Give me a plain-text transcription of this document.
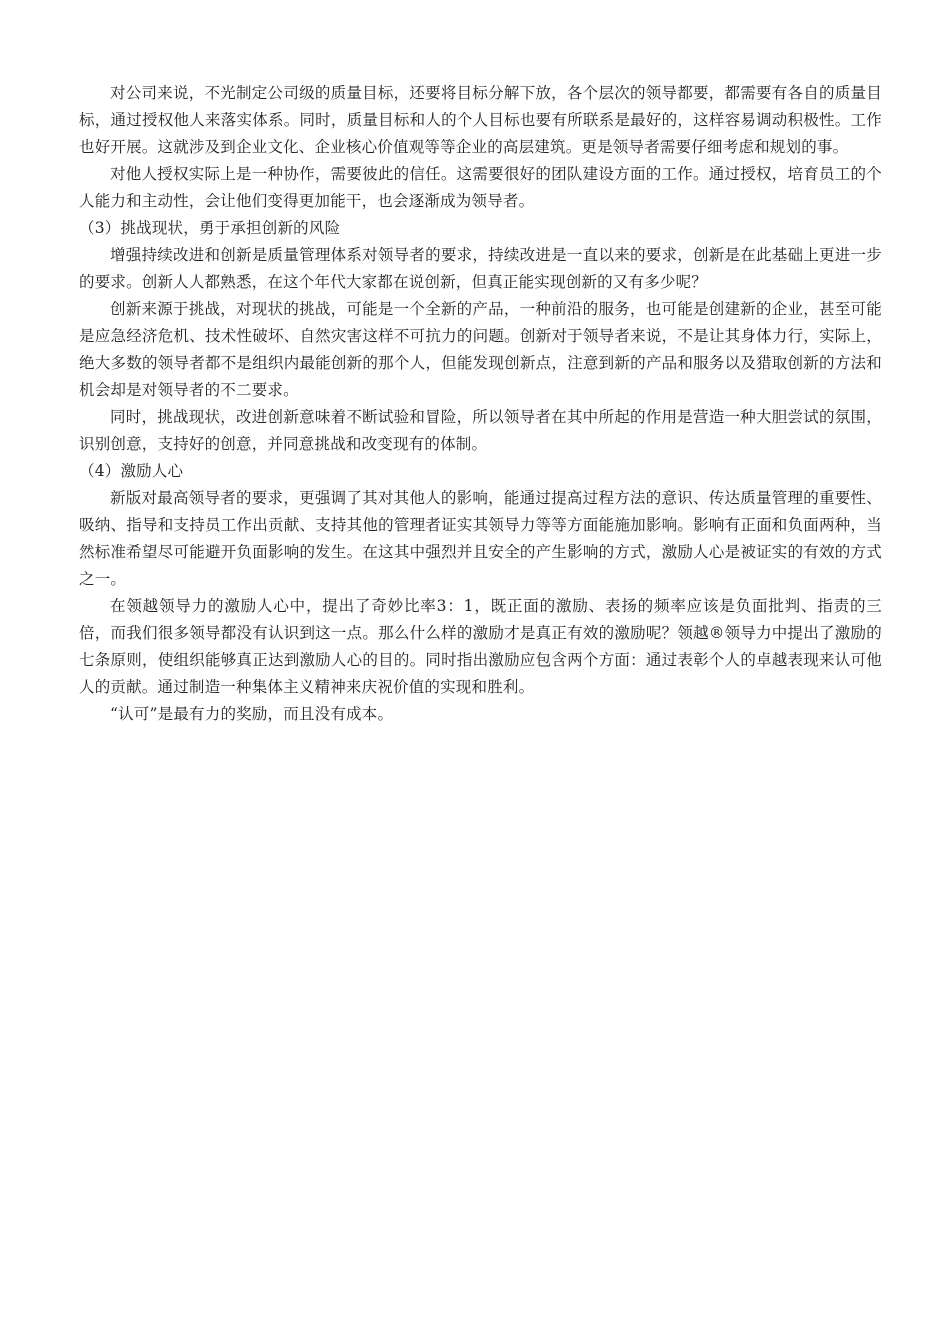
对公司来说，不光制定公司级的质量目标，还要将目标分解下放，各个层次的领导都要，都需要有各自的质量目标，通过授权他人来落实体系。同时，质量目标和人的个人目标也要有所联系是最好的，这样容易调动积极性。工作也好开展。这就涉及到企业文化、企业核心价值观等等企业的高层建筑。更是领导者需要仔细考虑和规划的事。

对他人授权实际上是一种协作，需要彼此的信任。这需要很好的团队建设方面的工作。通过授权，培育员工的个人能力和主动性，会让他们变得更加能干，也会逐渐成为领导者。

（3）挑战现状，勇于承担创新的风险

增强持续改进和创新是质量管理体系对领导者的要求，持续改进是一直以来的要求，创新是在此基础上更进一步的要求。创新人人都熟悉，在这个年代大家都在说创新，但真正能实现创新的又有多少呢？

创新来源于挑战，对现状的挑战，可能是一个全新的产品，一种前沿的服务，也可能是创建新的企业，甚至可能是应急经济危机、技术性破坏、自然灾害这样不可抗力的问题。创新对于领导者来说，不是让其身体力行，实际上，绝大多数的领导者都不是组织内最能创新的那个人，但能发现创新点，注意到新的产品和服务以及猎取创新的方法和机会却是对领导者的不二要求。

同时，挑战现状，改进创新意味着不断试验和冒险，所以领导者在其中所起的作用是营造一种大胆尝试的氛围，识别创意，支持好的创意，并同意挑战和改变现有的体制。

（4）激励人心

新版对最高领导者的要求，更强调了其对其他人的影响，能通过提高过程方法的意识、传达质量管理的重要性、吸纳、指导和支持员工作出贡献、支持其他的管理者证实其领导力等等方面能施加影响。影响有正面和负面两种，当然标准希望尽可能避开负面影响的发生。在这其中强烈并且安全的产生影响的方式，激励人心是被证实的有效的方式之一。

在领越领导力的激励人心中，提出了奇妙比率3：1，既正面的激励、表扬的频率应该是负面批判、指责的三倍，而我们很多领导都没有认识到这一点。那么什么样的激励才是真正有效的激励呢？领越®领导力中提出了激励的七条原则，使组织能够真正达到激励人心的目的。同时指出激励应包含两个方面：通过表彰个人的卓越表现来认可他人的贡献。通过制造一种集体主义精神来庆祝价值的实现和胜利。

“认可”是最有力的奖励，而且没有成本。
